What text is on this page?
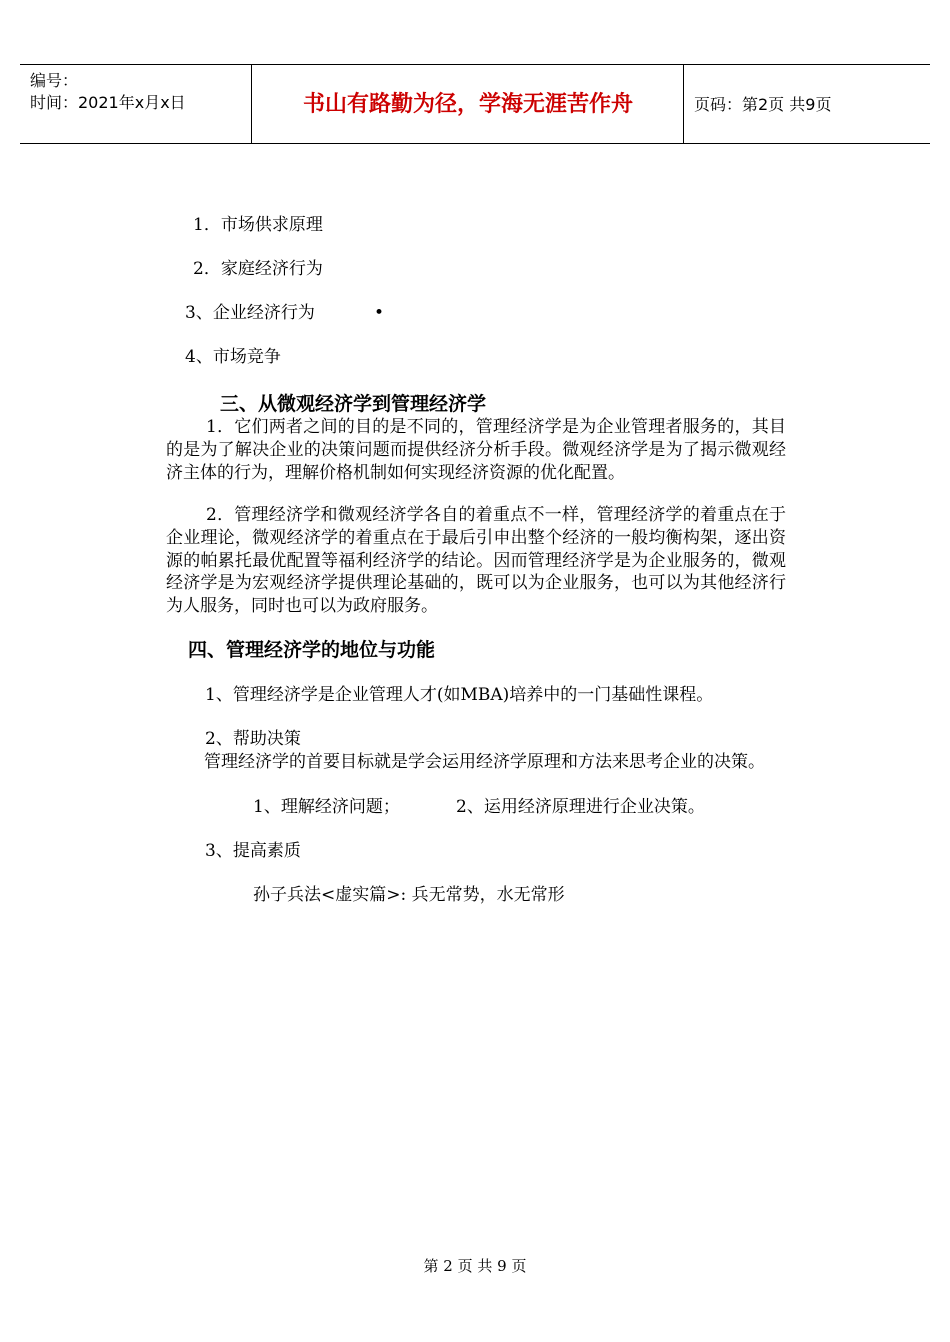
编号：
时间：2021年x月x日	书山有路勤为径，学海无涯苦作舟	页码：第2页 共9页
1．市场供求原理
2．家庭经济行为
3、企业经济行为	•
4、市场竞争
三、从微观经济学到管理经济学
1．它们两者之间的目的是不同的，管理经济学是为企业管理者服务的，其目的是为了解决企业的决策问题而提供经济分析手段。微观经济学是为了揭示微观经济主体的行为，理解价格机制如何实现经济资源的优化配置。
2．管理经济学和微观经济学各自的着重点不一样，管理经济学的着重点在于企业理论，微观经济学的着重点在于最后引申出整个经济的一般均衡构架，逐出资源的帕累托最优配置等福利经济学的结论。因而管理经济学是为企业服务的，微观经济学是为宏观经济学提供理论基础的，既可以为企业服务，也可以为其他经济行为人服务，同时也可以为政府服务。
四、管理经济学的地位与功能
1、管理经济学是企业管理人才(如MBA)培养中的一门基础性课程。
2、帮助决策
管理经济学的首要目标就是学会运用经济学原理和方法来思考企业的决策。
1、理解经济问题；	2、运用经济原理进行企业决策。
3、提高素质
孙子兵法<虚实篇>: 兵无常势，水无常形
第 2 页 共 9 页
